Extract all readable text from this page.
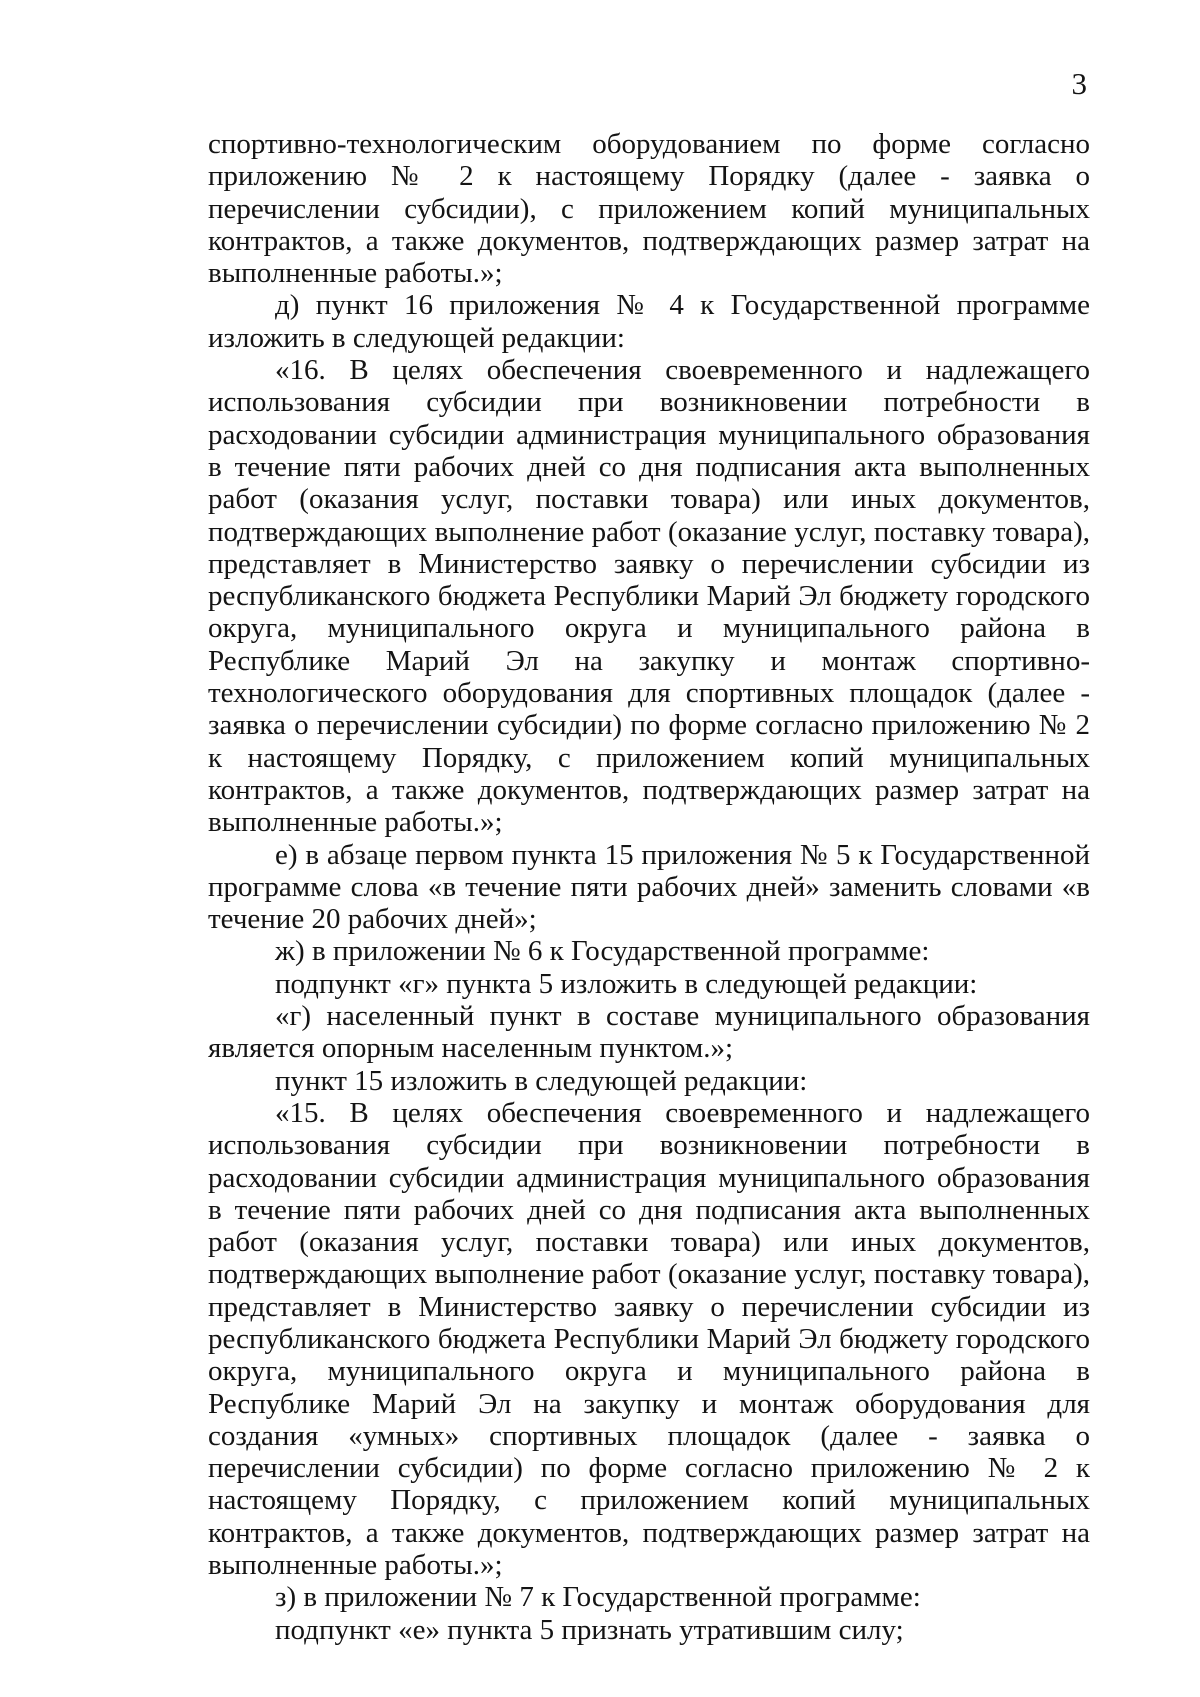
3

спортивно-технологическим оборудованием по форме согласно приложению № 2 к настоящему Порядку (далее - заявка о перечислении субсидии), с приложением копий муниципальных контрактов, а также документов, подтверждающих размер затрат на выполненные работы.»;

д) пункт 16 приложения № 4 к Государственной программе изложить в следующей редакции:

«16. В целях обеспечения своевременного и надлежащего использования субсидии при возникновении потребности в расходовании субсидии администрация муниципального образования в течение пяти рабочих дней со дня подписания акта выполненных работ (оказания услуг, поставки товара) или иных документов, подтверждающих выполнение работ (оказание услуг, поставку товара), представляет в Министерство заявку о перечислении субсидии из республиканского бюджета Республики Марий Эл бюджету городского округа, муниципального округа и муниципального района в Республике Марий Эл на закупку и монтаж спортивно-технологического оборудования для спортивных площадок (далее - заявка о перечислении субсидии) по форме согласно приложению № 2 к настоящему Порядку, с приложением копий муниципальных контрактов, а также документов, подтверждающих размер затрат на выполненные работы.»;

е) в абзаце первом пункта 15 приложения № 5 к Государственной программе слова «в течение пяти рабочих дней» заменить словами «в течение 20 рабочих дней»;

ж) в приложении № 6 к Государственной программе:

подпункт «г» пункта 5 изложить в следующей редакции:

«г) населенный пункт в составе муниципального образования является опорным населенным пунктом.»;

пункт 15 изложить в следующей редакции:

«15. В целях обеспечения своевременного и надлежащего использования субсидии при возникновении потребности в расходовании субсидии администрация муниципального образования в течение пяти рабочих дней со дня подписания акта выполненных работ (оказания услуг, поставки товара) или иных документов, подтверждающих выполнение работ (оказание услуг, поставку товара), представляет в Министерство заявку о перечислении субсидии из республиканского бюджета Республики Марий Эл бюджету городского округа, муниципального округа и муниципального района в Республике Марий Эл на закупку и монтаж оборудования для создания «умных» спортивных площадок (далее - заявка о перечислении субсидии) по форме согласно приложению № 2 к настоящему Порядку, с приложением копий муниципальных контрактов, а также документов, подтверждающих размер затрат на выполненные работы.»;

з) в приложении № 7 к Государственной программе:

подпункт «е» пункта 5 признать утратившим силу;
